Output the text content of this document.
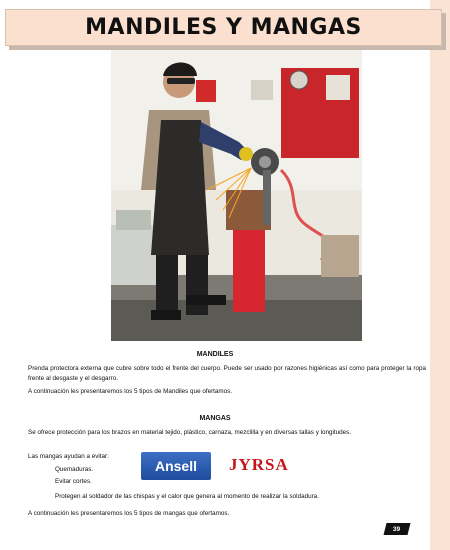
MANDILES Y MANGAS
MANDILES
Prenda protectora externa que cubre sobre todo el frente del cuerpo. Puede ser usado por razones higiénicas así como para proteger la ropa frente al desgaste y el desgarro.
A continuación les presentaremos los 5 tipos de Mandiles que ofertamos.
MANGAS
Se ofrece protección para los brazos en material tejido, plástico, carnaza, mezclilla y en diversas tallas y longitudes.
Las mangas ayudan a evitar:
Quemaduras.
Evitar cortes.
Protegen al soldador de las chispas y el calor que genera al momento de realizar la soldadura.
A continuación les presentaremos los 5 tipos de mangas que ofertamos.
Ansell JYRSA
39
